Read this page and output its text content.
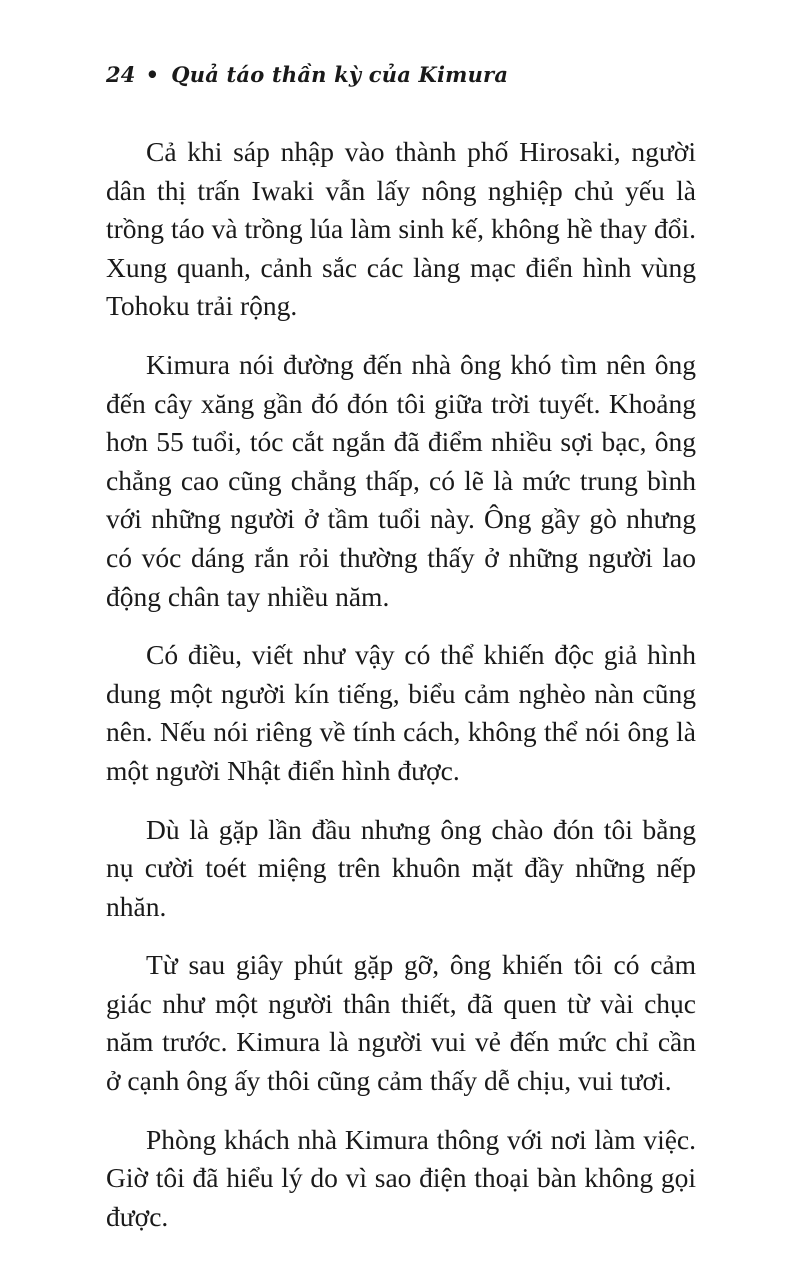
24 • Quả táo thần kỳ của Kimura

Cả khi sáp nhập vào thành phố Hirosaki, người dân thị trấn Iwaki vẫn lấy nông nghiệp chủ yếu là trồng táo và trồng lúa làm sinh kế, không hề thay đổi. Xung quanh, cảnh sắc các làng mạc điển hình vùng Tohoku trải rộng.

Kimura nói đường đến nhà ông khó tìm nên ông đến cây xăng gần đó đón tôi giữa trời tuyết. Khoảng hơn 55 tuổi, tóc cắt ngắn đã điểm nhiều sợi bạc, ông chẳng cao cũng chẳng thấp, có lẽ là mức trung bình với những người ở tầm tuổi này. Ông gầy gò nhưng có vóc dáng rắn rỏi thường thấy ở những người lao động chân tay nhiều năm.

Có điều, viết như vậy có thể khiến độc giả hình dung một người kín tiếng, biểu cảm nghèo nàn cũng nên. Nếu nói riêng về tính cách, không thể nói ông là một người Nhật điển hình được.

Dù là gặp lần đầu nhưng ông chào đón tôi bằng nụ cười toét miệng trên khuôn mặt đầy những nếp nhăn.

Từ sau giây phút gặp gỡ, ông khiến tôi có cảm giác như một người thân thiết, đã quen từ vài chục năm trước. Kimura là người vui vẻ đến mức chỉ cần ở cạnh ông ấy thôi cũng cảm thấy dễ chịu, vui tươi.

Phòng khách nhà Kimura thông với nơi làm việc. Giờ tôi đã hiểu lý do vì sao điện thoại bàn không gọi được.
